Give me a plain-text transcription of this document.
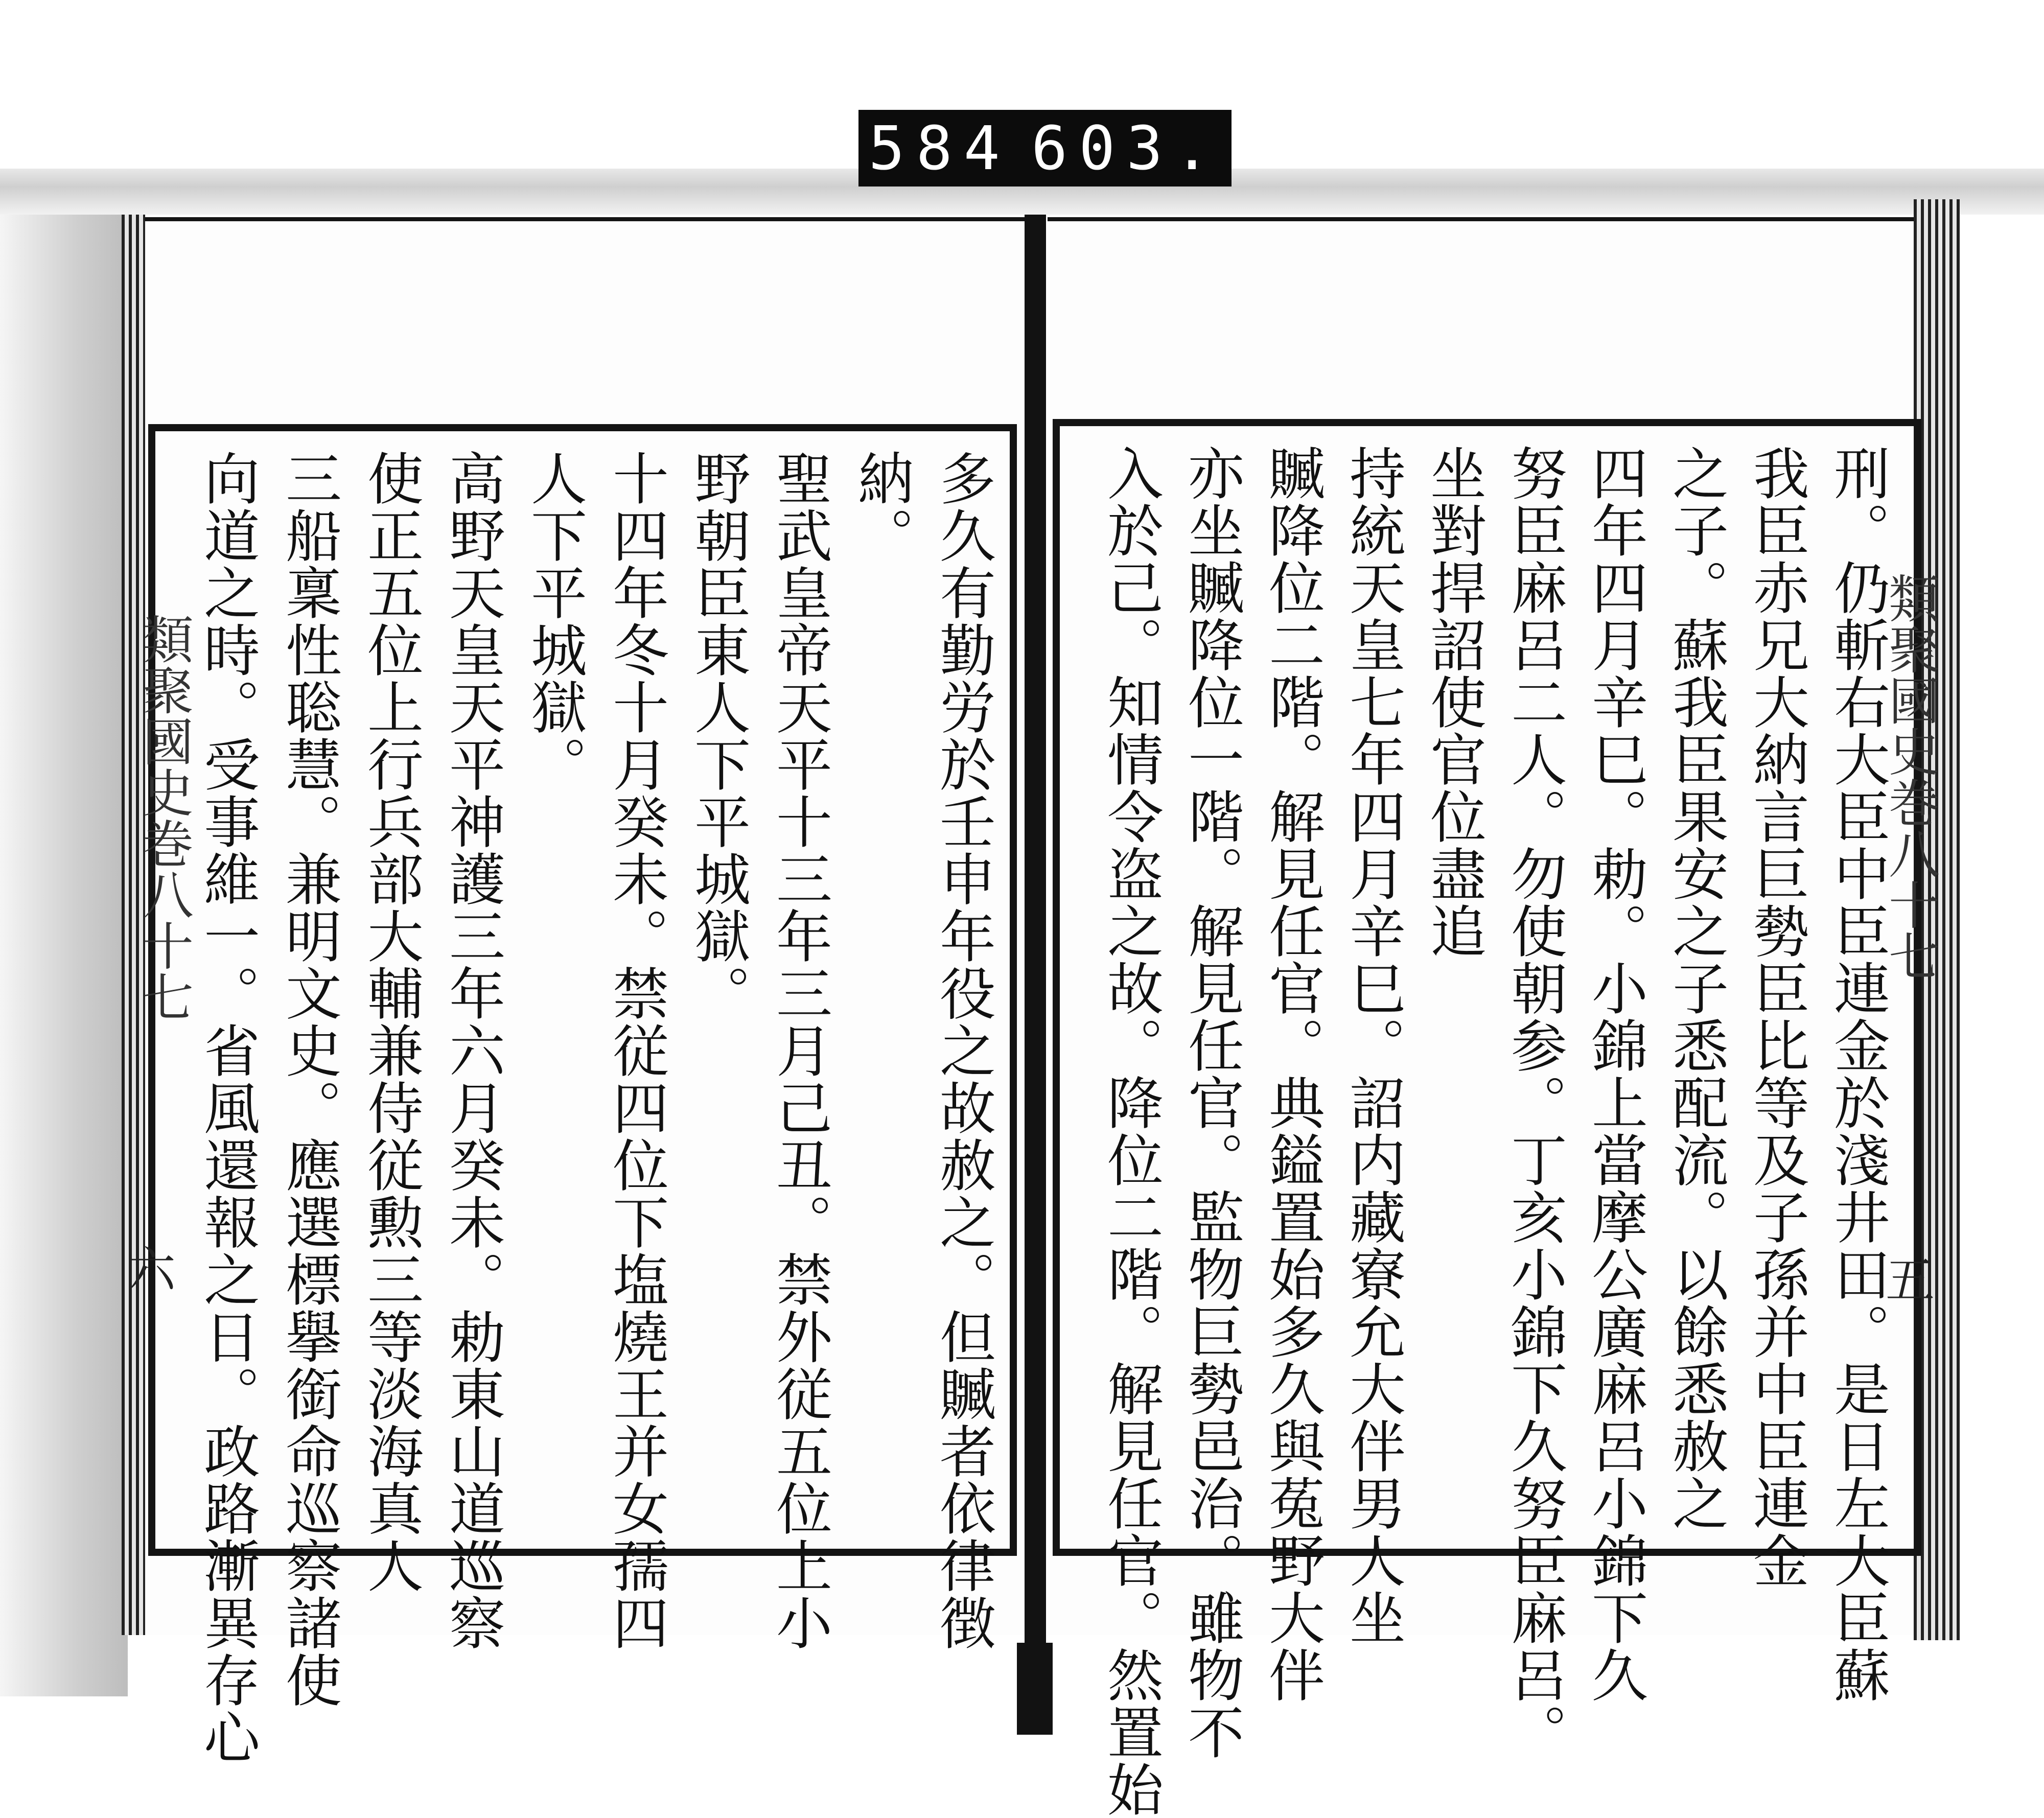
584 603.
類聚國史巻八十七
五
類聚國史巻八十七
六	刑。仍斬右大臣中臣連金於淺井田。是日左大臣蘇
我臣赤兄大納言巨勢臣比等及子孫并中臣連金
之子。蘇我臣果安之子悉配流。以餘悉赦之
四年四月辛巳。勅。小錦上當摩公廣麻呂小錦下久
努臣麻呂二人。勿使朝参。丁亥小錦下久努臣麻呂。
坐對捍詔使官位盡追
持統天皇七年四月辛巳。詔内藏寮允大伴男人坐
贓降位二階。解見任官。典鎰置始多久與菟野大伴
亦坐贓降位一階。解見任官。監物巨勢邑治。雖物不
入於己。知情令盗之故。降位二階。解見任官。然置始
多久有勤労於壬申年役之故赦之。但贓者依律徴
納。
聖武皇帝天平十三年三月己丑。禁外従五位上小
野朝臣東人下平城獄。
十四年冬十月癸未。禁従四位下塩燒王并女孺四
人下平城獄。
高野天皇天平神護三年六月癸未。勅東山道巡察
使正五位上行兵部大輔兼侍従勲三等淡海真人
三船稟性聡慧。兼明文史。應選標擧銜命巡察諸使
向道之時。受事維一。省風還報之日。政路漸異存心
